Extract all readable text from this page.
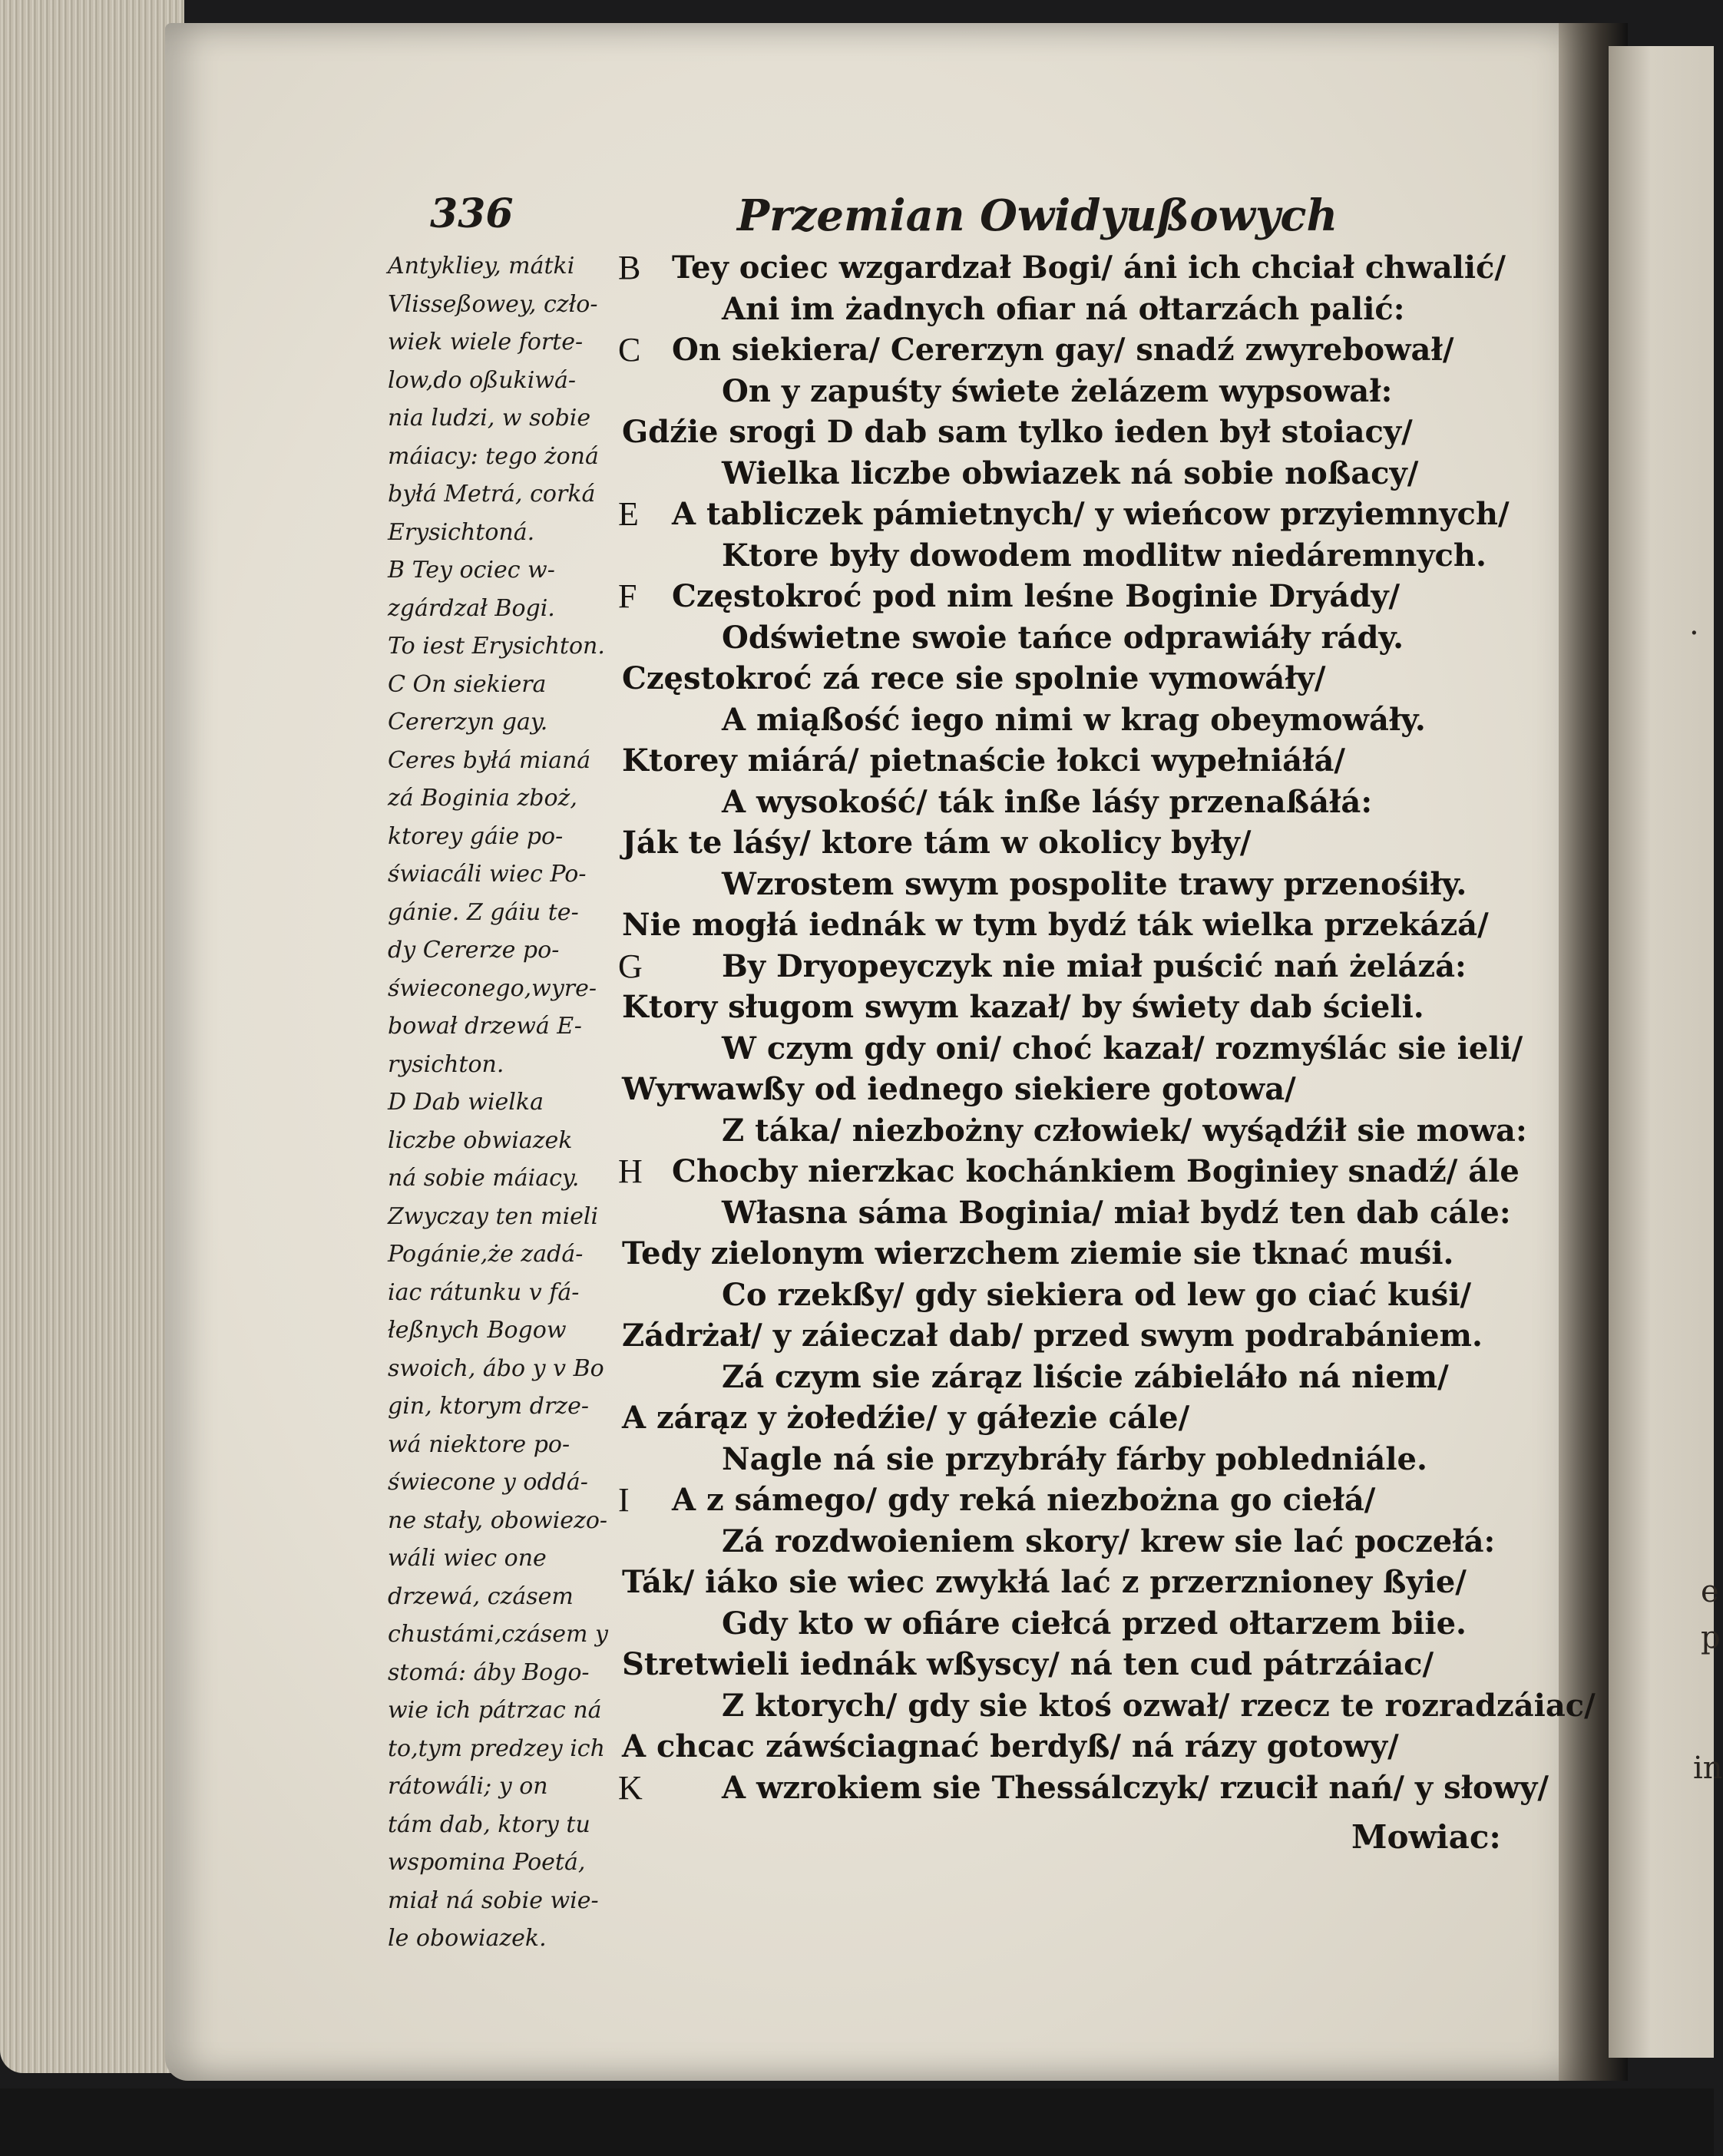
.
e
p
in
336	Przemian Owidyußowych
Antykliey, mátki
Vlisseßowey, czło-
wiek wiele forte-
low,do oßukiwá-
nia ludzi, w sobie
máiacy: tego żoná
byłá Metrá, corká
Erysichtoná.
B Tey ociec w-
zgárdzał Bogi.
To iest Erysichton.
C On siekiera
Cererzyn gay.
Ceres byłá mianá
zá Boginia zboż,
ktorey gáie po-
świacáli wiec Po-
gánie. Z gáiu te-
dy Cererze po-
świeconego,wyre-
bował drzewá E-
rysichton.
D Dab wielka
liczbe obwiazek
ná sobie máiacy.
Zwyczay ten mieli
Pogánie,że zadá-
iac rátunku v fá-
łeßnych Bogow
swoich, ábo y v Bo
gin, ktorym drze-
wá niektore po-
świecone y oddá-
ne stały, obowiezo-
wáli wiec one
drzewá, czásem
chustámi,czásem y
stomá: áby Bogo-
wie ich pátrzac ná
to,tym predzey ich
rátowáli; y on
tám dab, ktory tu
wspomina Poetá,
miał ná sobie wie-
le obowiazek.
B Tey ociec wzgardzał Bogi/ áni ich chciał chwalić/
Ani im żadnych ofiar ná ołtarzách palić:
C On siekiera/ Cererzyn gay/ snadź zwyrebował/
On y zapuśty świete żelázem wypsował:
Gdźie srogi D dab sam tylko ieden był stoiacy/
Wielka liczbe obwiazek ná sobie noßacy/
E	A tabliczek pámietnych/ y wieńcow przyiemnych/
Ktore były dowodem modlitw niedáremnych.
F	Częstokroć pod nim leśne Boginie Dryády/
Odświetne swoie tańce odprawiáły rády.
Częstokroć zá rece sie spolnie vymowáły/
A miąßość iego nimi w krag obeymowáły.
Ktorey miárá/ pietnaście łokci wypełniáłá/
A wysokość/ ták inße láśy przenaßáłá:
Ják te láśy/ ktore tám w okolicy były/
Wzrostem swym pospolite trawy przenośiły.
Nie mogłá iednák w tym bydź ták wielka przekázá/
G	By Dryopeyczyk nie miał puścić nań żelázá:
Ktory sługom swym kazał/ by świety dab ścieli.
W czym gdy oni/ choć kazał/ rozmyślác sie ieli/
Wyrwawßy od iednego siekiere gotowa/
Z táka/ niezbożny człowiek/ wyśądźił sie mowa:
H Chocby nierzkac kochánkiem Boginiey snadź/ ále
Własna sáma Boginia/ miał bydź ten dab cále:
Tedy zielonym wierzchem ziemie sie tknać muśi.
Co rzekßy/ gdy siekiera od lew go ciać kuśi/
Zádrżał/ y záieczał dab/ przed swym podrabániem.
Zá czym sie zárąz liście zábieláło ná niem/
A zárąz y żołedźie/ y gáłezie cále/
Nagle ná sie przybráły fárby pobledniále.
I	A z sámego/ gdy reká niezbożna go ciełá/
Zá rozdwoieniem skory/ krew sie lać poczełá:
Ták/ iáko sie wiec zwykłá lać z przerznioney ßyie/
Gdy kto w ofiáre ciełcá przed ołtarzem biie.
Stretwieli iednák wßyscy/ ná ten cud pátrzáiac/
Z ktorych/ gdy sie ktoś ozwał/ rzecz te rozradzáiac/
A chcac záwściagnać berdyß/ ná rázy gotowy/
K	A wzrokiem sie Thessálczyk/ rzucił nań/ y słowy/
Mowiac:
